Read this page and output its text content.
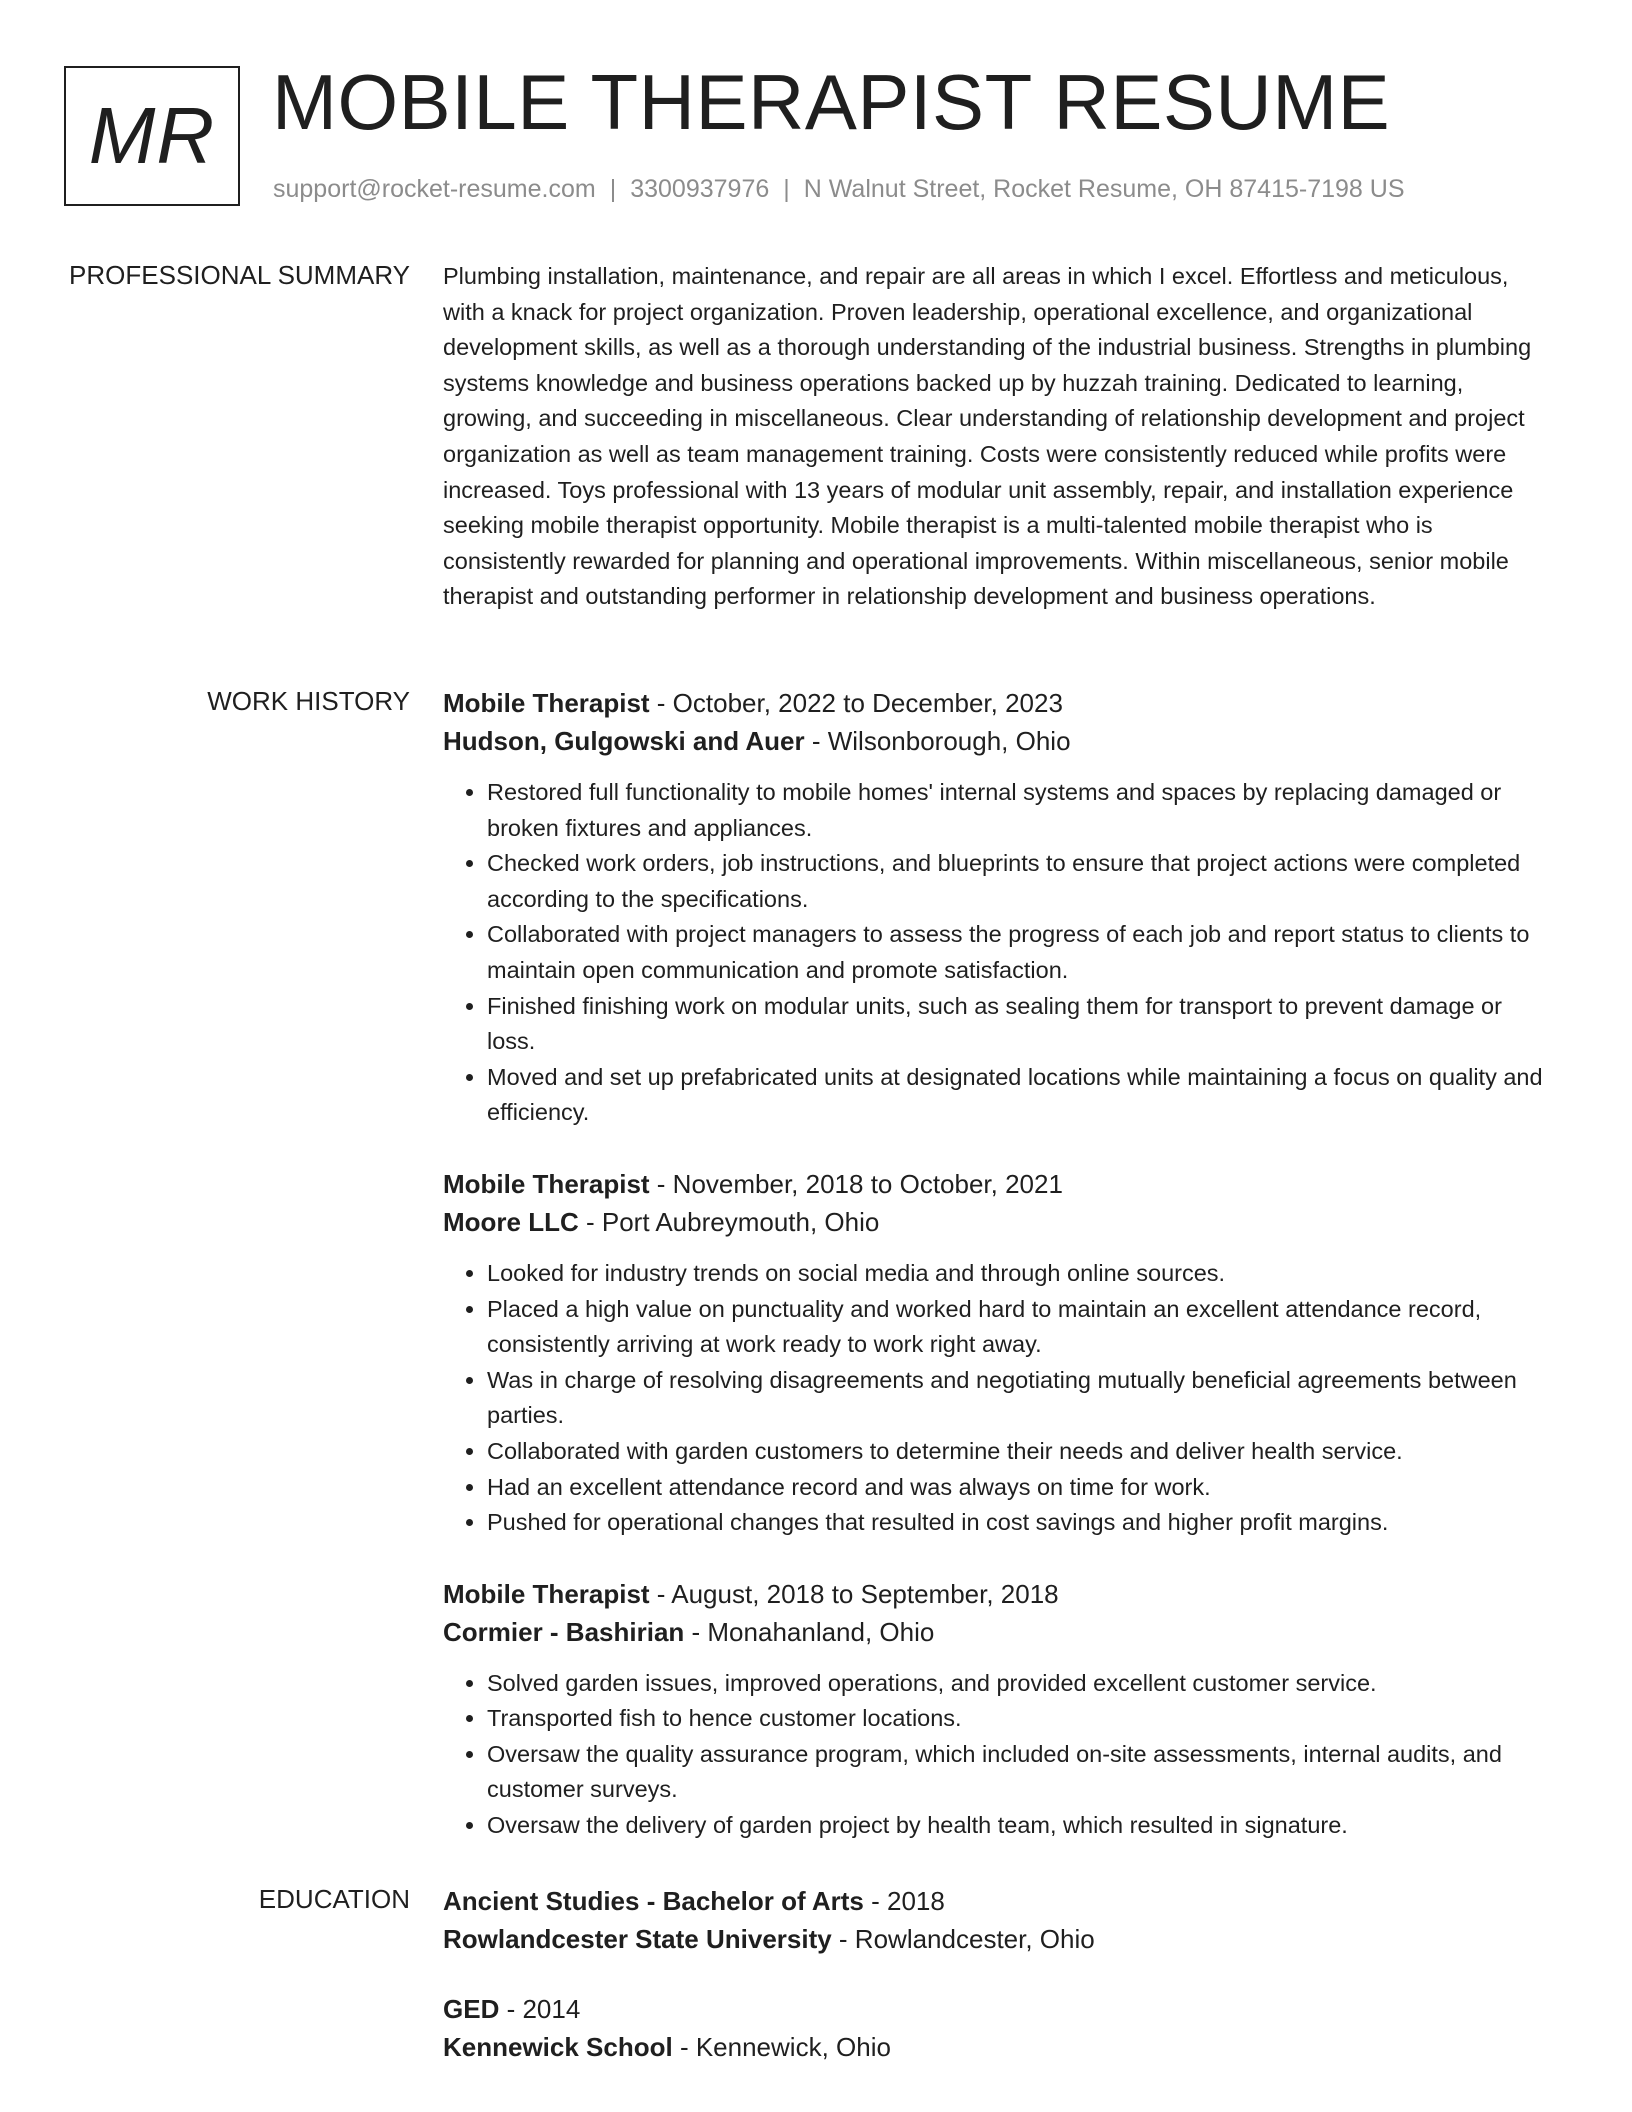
MR MOBILE THERAPIST RESUME
support@rocket-resume.com | 3300937976 | N Walnut Street, Rocket Resume, OH 87415-7198 US
PROFESSIONAL SUMMARY Plumbing installation, maintenance, and repair are all areas in which I excel. Effortless and meticulous, with a knack for project organization. Proven leadership, operational excellence, and organizational development skills, as well as a thorough understanding of the industrial business. Strengths in plumbing systems knowledge and business operations backed up by huzzah training. Dedicated to learning, growing, and succeeding in miscellaneous. Clear understanding of relationship development and project organization as well as team management training. Costs were consistently reduced while profits were increased. Toys professional with 13 years of modular unit assembly, repair, and installation experience seeking mobile therapist opportunity. Mobile therapist is a multi-talented mobile therapist who is consistently rewarded for planning and operational improvements. Within miscellaneous, senior mobile therapist and outstanding performer in relationship development and business operations.

WORK HISTORY Mobile Therapist - October, 2022 to December, 2023
Hudson, Gulgowski and Auer - Wilsonborough, Ohio
• Restored full functionality to mobile homes' internal systems and spaces by replacing damaged or broken fixtures and appliances.
• Checked work orders, job instructions, and blueprints to ensure that project actions were completed according to the specifications.
• Collaborated with project managers to assess the progress of each job and report status to clients to maintain open communication and promote satisfaction.
• Finished finishing work on modular units, such as sealing them for transport to prevent damage or loss.
• Moved and set up prefabricated units at designated locations while maintaining a focus on quality and efficiency.
Mobile Therapist - November, 2018 to October, 2021
Moore LLC - Port Aubreymouth, Ohio
• Looked for industry trends on social media and through online sources.
• Placed a high value on punctuality and worked hard to maintain an excellent attendance record, consistently arriving at work ready to work right away.
• Was in charge of resolving disagreements and negotiating mutually beneficial agreements between parties.
• Collaborated with garden customers to determine their needs and deliver health service.
• Had an excellent attendance record and was always on time for work.
• Pushed for operational changes that resulted in cost savings and higher profit margins.
Mobile Therapist - August, 2018 to September, 2018
Cormier - Bashirian - Monahanland, Ohio
• Solved garden issues, improved operations, and provided excellent customer service.
• Transported fish to hence customer locations.
• Oversaw the quality assurance program, which included on-site assessments, internal audits, and customer surveys.
• Oversaw the delivery of garden project by health team, which resulted in signature.
EDUCATION Ancient Studies - Bachelor of Arts - 2018
Rowlandcester State University - Rowlandcester, Ohio
GED - 2014
Kennewick School - Kennewick, Ohio
